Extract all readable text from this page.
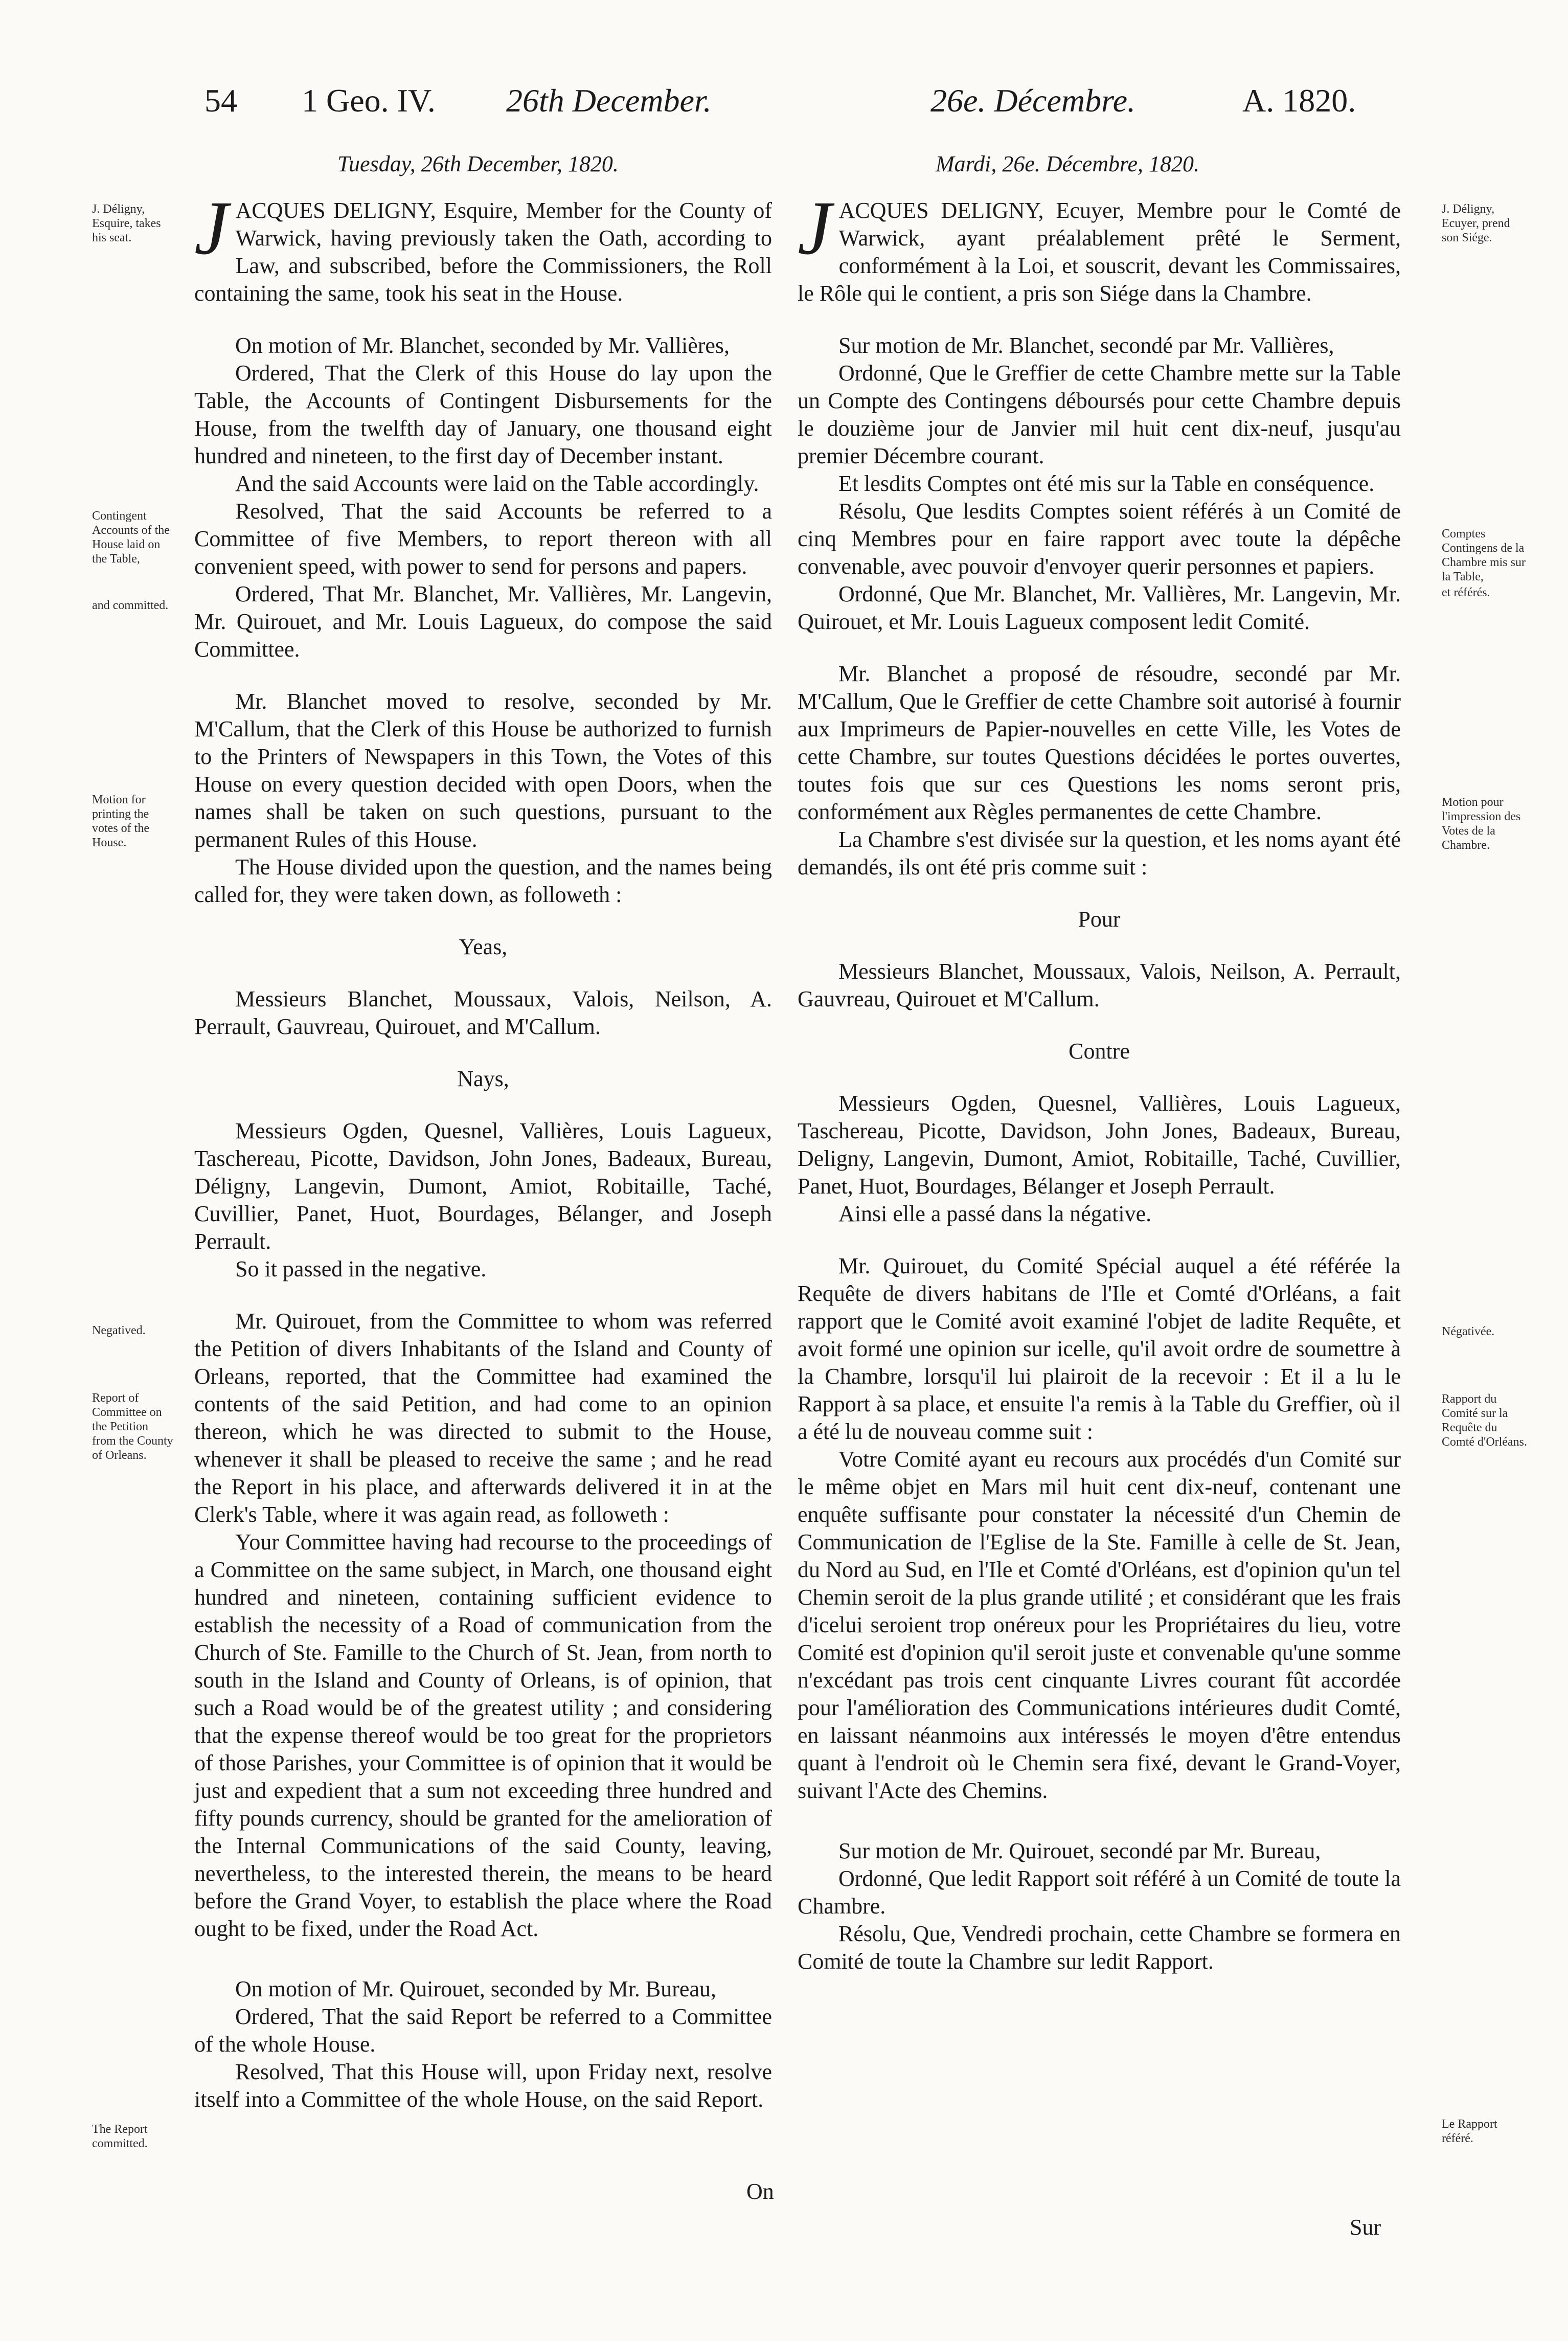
54 1 Geo. IV. 26th December.	26e. Décembre.	A. 1820.
Tuesday, 26th December, 1820.	Mardi, 26e. Décembre, 1820.
J. Déligny, Esquire, takes his seat.
Contingent Accounts of the House laid on the Table,
and committed.
Motion for printing the votes of the House.
Negatived.
Report of Committee on the Petition from the County of Orleans.
The Report committed.
J. Déligny, Ecuyer, prend son Siége.
Comptes Contingens de la Chambre mis sur la Table,
et référés.
Motion pour l'impression des Votes de la Chambre.
Négativée.
Rapport du Comité sur la Requête du Comté d'Orléans.
Le Rapport référé.

JACQUES DELIGNY, Esquire, Member for the County of Warwick, having previously taken the Oath, according to Law, and subscribed, before the Commissioners, the Roll containing the same, took his seat in the House.

On motion of Mr. Blanchet, seconded by Mr. Vallières,

Ordered, That the Clerk of this House do lay upon the Table, the Accounts of Contingent Disbursements for the House, from the twelfth day of January, one thousand eight hundred and nineteen, to the first day of December instant.

And the said Accounts were laid on the Table accordingly.

Resolved, That the said Accounts be referred to a Committee of five Members, to report thereon with all convenient speed, with power to send for persons and papers.

Ordered, That Mr. Blanchet, Mr. Vallières, Mr. Langevin, Mr. Quirouet, and Mr. Louis Lagueux, do compose the said Committee.

Mr. Blanchet moved to resolve, seconded by Mr. M'Callum, that the Clerk of this House be authorized to furnish to the Printers of Newspapers in this Town, the Votes of this House on every question decided with open Doors, when the names shall be taken on such questions, pursuant to the permanent Rules of this House.

The House divided upon the question, and the names being called for, they were taken down, as followeth :

Yeas,

Messieurs Blanchet, Moussaux, Valois, Neilson, A. Perrault, Gauvreau, Quirouet, and M'Callum.

Nays,

Messieurs Ogden, Quesnel, Vallières, Louis Lagueux, Taschereau, Picotte, Davidson, John Jones, Badeaux, Bureau, Déligny, Langevin, Dumont, Amiot, Robitaille, Taché, Cuvillier, Panet, Huot, Bourdages, Bélanger, and Joseph Perrault.

So it passed in the negative.

Mr. Quirouet, from the Committee to whom was referred the Petition of divers Inhabitants of the Island and County of Orleans, reported, that the Committee had examined the contents of the said Petition, and had come to an opinion thereon, which he was directed to submit to the House, whenever it shall be pleased to receive the same ; and he read the Report in his place, and afterwards delivered it in at the Clerk's Table, where it was again read, as followeth :

Your Committee having had recourse to the proceedings of a Committee on the same subject, in March, one thousand eight hundred and nineteen, containing sufficient evidence to establish the necessity of a Road of communication from the Church of Ste. Famille to the Church of St. Jean, from north to south in the Island and County of Orleans, is of opinion, that such a Road would be of the greatest utility ; and considering that the expense thereof would be too great for the proprietors of those Parishes, your Committee is of opinion that it would be just and expedient that a sum not exceeding three hundred and fifty pounds currency, should be granted for the amelioration of the Internal Communications of the said County, leaving, nevertheless, to the interested therein, the means to be heard before the Grand Voyer, to establish the place where the Road ought to be fixed, under the Road Act.

On motion of Mr. Quirouet, seconded by Mr. Bureau,

Ordered, That the said Report be referred to a Committee of the whole House.

Resolved, That this House will, upon Friday next, resolve itself into a Committee of the whole House, on the said Report.

JACQUES DELIGNY, Ecuyer, Membre pour le Comté de Warwick, ayant préalablement prêté le Serment, conformément à la Loi, et souscrit, devant les Commissaires, le Rôle qui le contient, a pris son Siége dans la Chambre.

Sur motion de Mr. Blanchet, secondé par Mr. Vallières,

Ordonné, Que le Greffier de cette Chambre mette sur la Table un Compte des Contingens déboursés pour cette Chambre depuis le douzième jour de Janvier mil huit cent dix-neuf, jusqu'au premier Décembre courant.

Et lesdits Comptes ont été mis sur la Table en conséquence.

Résolu, Que lesdits Comptes soient référés à un Comité de cinq Membres pour en faire rapport avec toute la dépêche convenable, avec pouvoir d'envoyer querir personnes et papiers.

Ordonné, Que Mr. Blanchet, Mr. Vallières, Mr. Langevin, Mr. Quirouet, et Mr. Louis Lagueux composent ledit Comité.

Mr. Blanchet a proposé de résoudre, secondé par Mr. M'Callum, Que le Greffier de cette Chambre soit autorisé à fournir aux Imprimeurs de Papier-nouvelles en cette Ville, les Votes de cette Chambre, sur toutes Questions décidées le portes ouvertes, toutes fois que sur ces Questions les noms seront pris, conformément aux Règles permanentes de cette Chambre.

La Chambre s'est divisée sur la question, et les noms ayant été demandés, ils ont été pris comme suit :

Pour

Messieurs Blanchet, Moussaux, Valois, Neilson, A. Perrault, Gauvreau, Quirouet et M'Callum.

Contre

Messieurs Ogden, Quesnel, Vallières, Louis Lagueux, Taschereau, Picotte, Davidson, John Jones, Badeaux, Bureau, Deligny, Langevin, Dumont, Amiot, Robitaille, Taché, Cuvillier, Panet, Huot, Bourdages, Bélanger et Joseph Perrault.

Ainsi elle a passé dans la négative.

Mr. Quirouet, du Comité Spécial auquel a été référée la Requête de divers habitans de l'Ile et Comté d'Orléans, a fait rapport que le Comité avoit examiné l'objet de ladite Requête, et avoit formé une opinion sur icelle, qu'il avoit ordre de soumettre à la Chambre, lorsqu'il lui plairoit de la recevoir : Et il a lu le Rapport à sa place, et ensuite l'a remis à la Table du Greffier, où il a été lu de nouveau comme suit :

Votre Comité ayant eu recours aux procédés d'un Comité sur le même objet en Mars mil huit cent dix-neuf, contenant une enquête suffisante pour constater la nécessité d'un Chemin de Communication de l'Eglise de la Ste. Famille à celle de St. Jean, du Nord au Sud, en l'Ile et Comté d'Orléans, est d'opinion qu'un tel Chemin seroit de la plus grande utilité ; et considérant que les frais d'icelui seroient trop onéreux pour les Propriétaires du lieu, votre Comité est d'opinion qu'il seroit juste et convenable qu'une somme n'excédant pas trois cent cinquante Livres courant fût accordée pour l'amélioration des Communications intérieures dudit Comté, en laissant néanmoins aux intéressés le moyen d'être entendus quant à l'endroit où le Chemin sera fixé, devant le Grand-Voyer, suivant l'Acte des Chemins.

Sur motion de Mr. Quirouet, secondé par Mr. Bureau,

Ordonné, Que ledit Rapport soit référé à un Comité de toute la Chambre.

Résolu, Que, Vendredi prochain, cette Chambre se formera en Comité de toute la Chambre sur ledit Rapport.

On
Sur
